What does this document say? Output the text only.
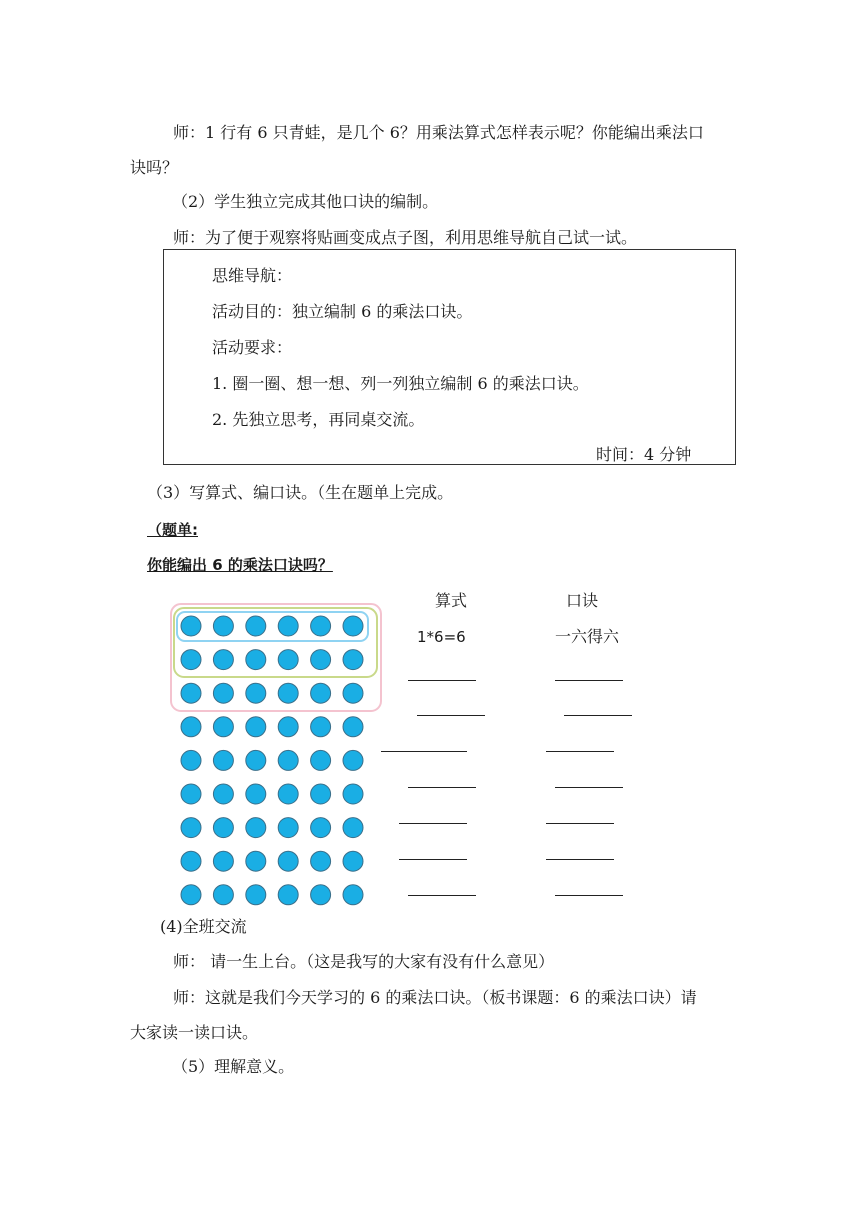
师：1 行有 6 只青蛙，是几个 6？用乘法算式怎样表示呢？你能编出乘法口
诀吗？
（2）学生独立完成其他口诀的编制。
师：为了便于观察将贴画变成点子图，利用思维导航自己试一试。
思维导航：
活动目的：独立编制 6 的乘法口诀。
活动要求：
1. 圈一圈、想一想、列一列独立编制 6 的乘法口诀。
2. 先独立思考，再同桌交流。
时间：4 分钟
（3）写算式、编口诀。（生在题单上完成。
（题单:
你能编出 6 的乘法口诀吗？
算式	口诀
1*6=6	一六得六
(4)全班交流
师： 请一生上台。（这是我写的大家有没有什么意见）
师：这就是我们今天学习的 6 的乘法口诀。（板书课题：6 的乘法口诀）请
大家读一读口诀。
（5）理解意义。
